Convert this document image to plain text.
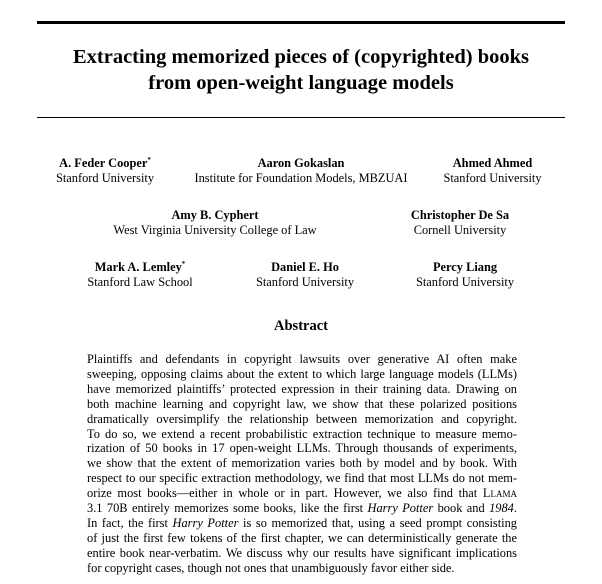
Extracting memorized pieces of (copyrighted) books
from open-weight language models
A. Feder Cooper*
Stanford University
Aaron Gokaslan
Institute for Foundation Models, MBZUAI
Ahmed Ahmed
Stanford University
Amy B. Cyphert
West Virginia University College of Law
Christopher De Sa
Cornell University
Mark A. Lemley*
Stanford Law School
Daniel E. Ho
Stanford University
Percy Liang
Stanford University
Abstract
Plaintiffs and defendants in copyright lawsuits over generative AI often make
sweeping, opposing claims about the extent to which large language models (LLMs)
have memorized plaintiffs’ protected expression in their training data. Drawing on
both machine learning and copyright law, we show that these polarized positions
dramatically oversimplify the relationship between memorization and copyright.
To do so, we extend a recent probabilistic extraction technique to measure memo-
rization of 50 books in 17 open-weight LLMs. Through thousands of experiments,
we show that the extent of memorization varies both by model and by book. With
respect to our specific extraction methodology, we find that most LLMs do not mem-
orize most books—either in whole or in part. However, we also find that Llama
3.1 70B entirely memorizes some books, like the first Harry Potter book and 1984.
In fact, the first Harry Potter is so memorized that, using a seed prompt consisting
of just the first few tokens of the first chapter, we can deterministically generate the
entire book near-verbatim. We discuss why our results have significant implications
for copyright cases, though not ones that unambiguously favor either side.
